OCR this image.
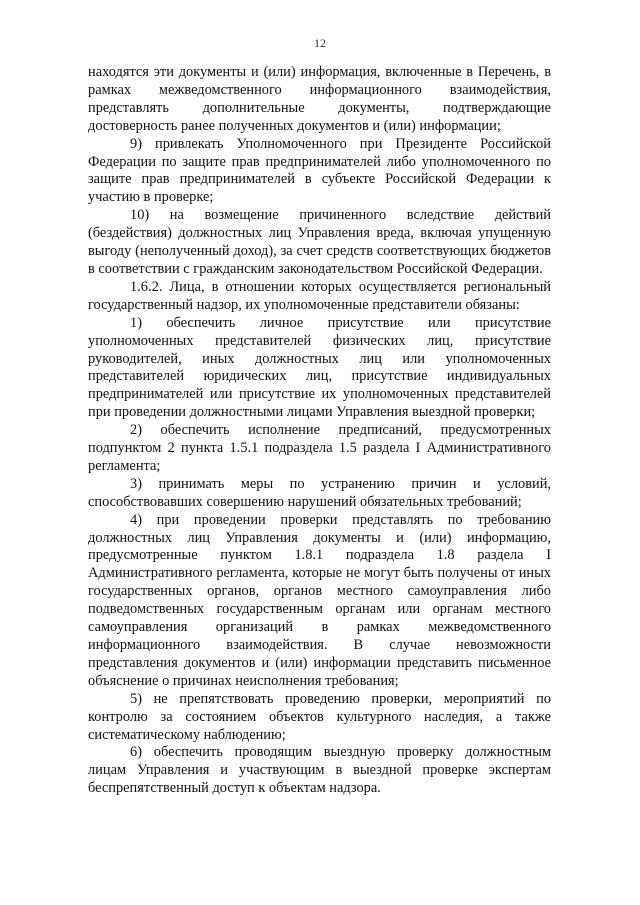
12

находятся эти документы и (или) информация, включенные в Перечень, в рамках межведомственного информационного взаимодействия, представлять дополнительные документы, подтверждающие достоверность ранее полученных документов и (или) информации;

9) привлекать Уполномоченного при Президенте Российской Федерации по защите прав предпринимателей либо уполномоченного по защите прав предпринимателей в субъекте Российской Федерации к участию в проверке;

10) на возмещение причиненного вследствие действий (бездействия) должностных лиц Управления вреда, включая упущенную выгоду (неполученный доход), за счет средств соответствующих бюджетов в соответствии с гражданским законодательством Российской Федерации.

1.6.2. Лица, в отношении которых осуществляется региональный государственный надзор, их уполномоченные представители обязаны:

1) обеспечить личное присутствие или присутствие уполномоченных представителей физических лиц, присутствие руководителей, иных должностных лиц или уполномоченных представителей юридических лиц, присутствие индивидуальных предпринимателей или присутствие их уполномоченных представителей при проведении должностными лицами Управления выездной проверки;

2) обеспечить исполнение предписаний, предусмотренных подпунктом 2 пункта 1.5.1 подраздела 1.5 раздела I Административного регламента;

3) принимать меры по устранению причин и условий, способствовавших совершению нарушений обязательных требований;

4) при проведении проверки представлять по требованию должностных лиц Управления документы и (или) информацию, предусмотренные пунктом 1.8.1 подраздела 1.8 раздела I Административного регламента, которые не могут быть получены от иных государственных органов, органов местного самоуправления либо подведомственных государственным органам или органам местного самоуправления организаций в рамках межведомственного информационного взаимодействия. В случае невозможности представления документов и (или) информации представить письменное объяснение о причинах неисполнения требования;

5) не препятствовать проведению проверки, мероприятий по контролю за состоянием объектов культурного наследия, а также систематическому наблюдению;

6) обеспечить проводящим выездную проверку должностным лицам Управления и участвующим в выездной проверке экспертам беспрепятственный доступ к объектам надзора.
